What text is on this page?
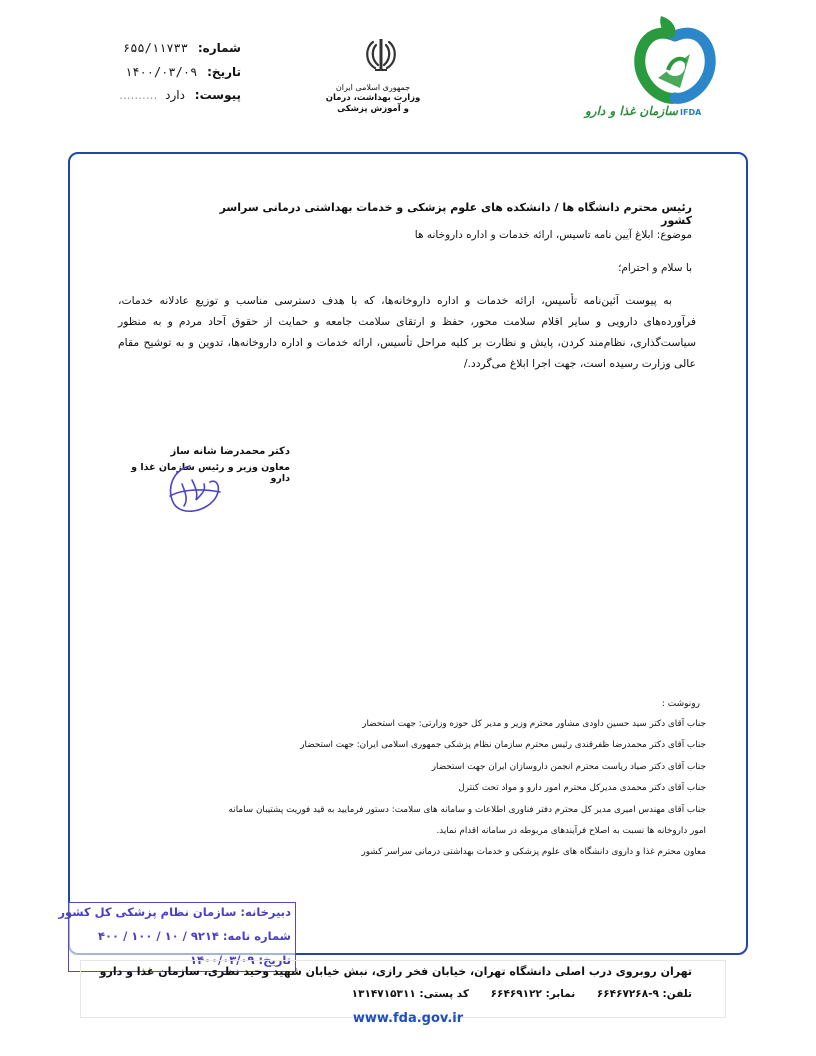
شماره: ۶۵۵/۱۱۷۳۳
تاریخ: ۱۴۰۰/۰۳/۰۹
پیوست: دارد ..........
جمهوری اسلامی ایران
وزارت بهداشت، درمان
و آموزش پزشکی	سازمان غذا و دارو IFDA
رئیس محترم دانشگاه ها / دانشکده های علوم پزشکی و خدمات بهداشتی درمانی سراسر کشور
موضوع: ابلاغ آیین نامه تاسیس، ارائه خدمات و اداره داروخانه ها
با سلام و احترام؛
به پیوست آئین‌نامه تأسیس، ارائه خدمات و اداره داروخانه‌ها، که با هدف دسترسی مناسب و توزیع عادلانه خدمات، فرآورده‌های دارویی و سایر اقلام سلامت محور، حفظ و ارتقای سلامت جامعه و حمایت از حقوق آحاد مردم و به منظور سیاست‌گذاری، نظام‌مند کردن، پایش و نظارت بر کلیه مراحل تأسیس، ارائه خدمات و اداره داروخانه‌ها، تدوین و به توشیح مقام عالی وزارت رسیده است، جهت اجرا ابلاغ می‌گردد./
دکتر محمدرضا شانه ساز
معاون وزیر و رئیس سازمان غذا و دارو
رونوشت :
جناب آقای دکتر سید حسین داودی مشاور محترم وزیر و مدیر کل حوزه وزارتی: جهت استحضار
جناب آقای دکتر محمدرضا ظفرقندی رئیس محترم سازمان نظام پزشکی جمهوری اسلامی ایران: جهت استحضار
جناب آقای دکتر صیاد ریاست محترم انجمن داروسازان ایران جهت استحضار
جناب آقای دکتر محمدی مدیرکل محترم امور دارو و مواد تحت کنترل
جناب آقای مهندس امیری مدیر کل محترم دفتر فناوری اطلاعات و سامانه های سلامت: دستور فرمایید به قید فوریت پشتیبان سامانه
امور داروخانه ها نسبت به اصلاح فرآیندهای مربوطه در سامانه اقدام نماید.
معاون محترم غذا و داروی دانشگاه های علوم پزشکی و خدمات بهداشتی درمانی سراسر کشور
دبیرخانه: سازمان نظام پزشکی کل کشور
شماره نامه: ۹۲۱۴ / ۱۰ / ۱۰۰ / ۴۰۰
تاریخ: ۱۴۰۰/۰۳/۰۹
تهران روبروی درب اصلی دانشگاه تهران، خیابان فخر رازی، نبش خیابان شهید وحید نظری، سازمان غذا و دارو
تلفن: ۹-۶۶۴۶۷۲۶۸ نمابر: ۶۶۴۶۹۱۲۲ کد پستی: ۱۳۱۴۷۱۵۳۱۱
www.fda.gov.ir
